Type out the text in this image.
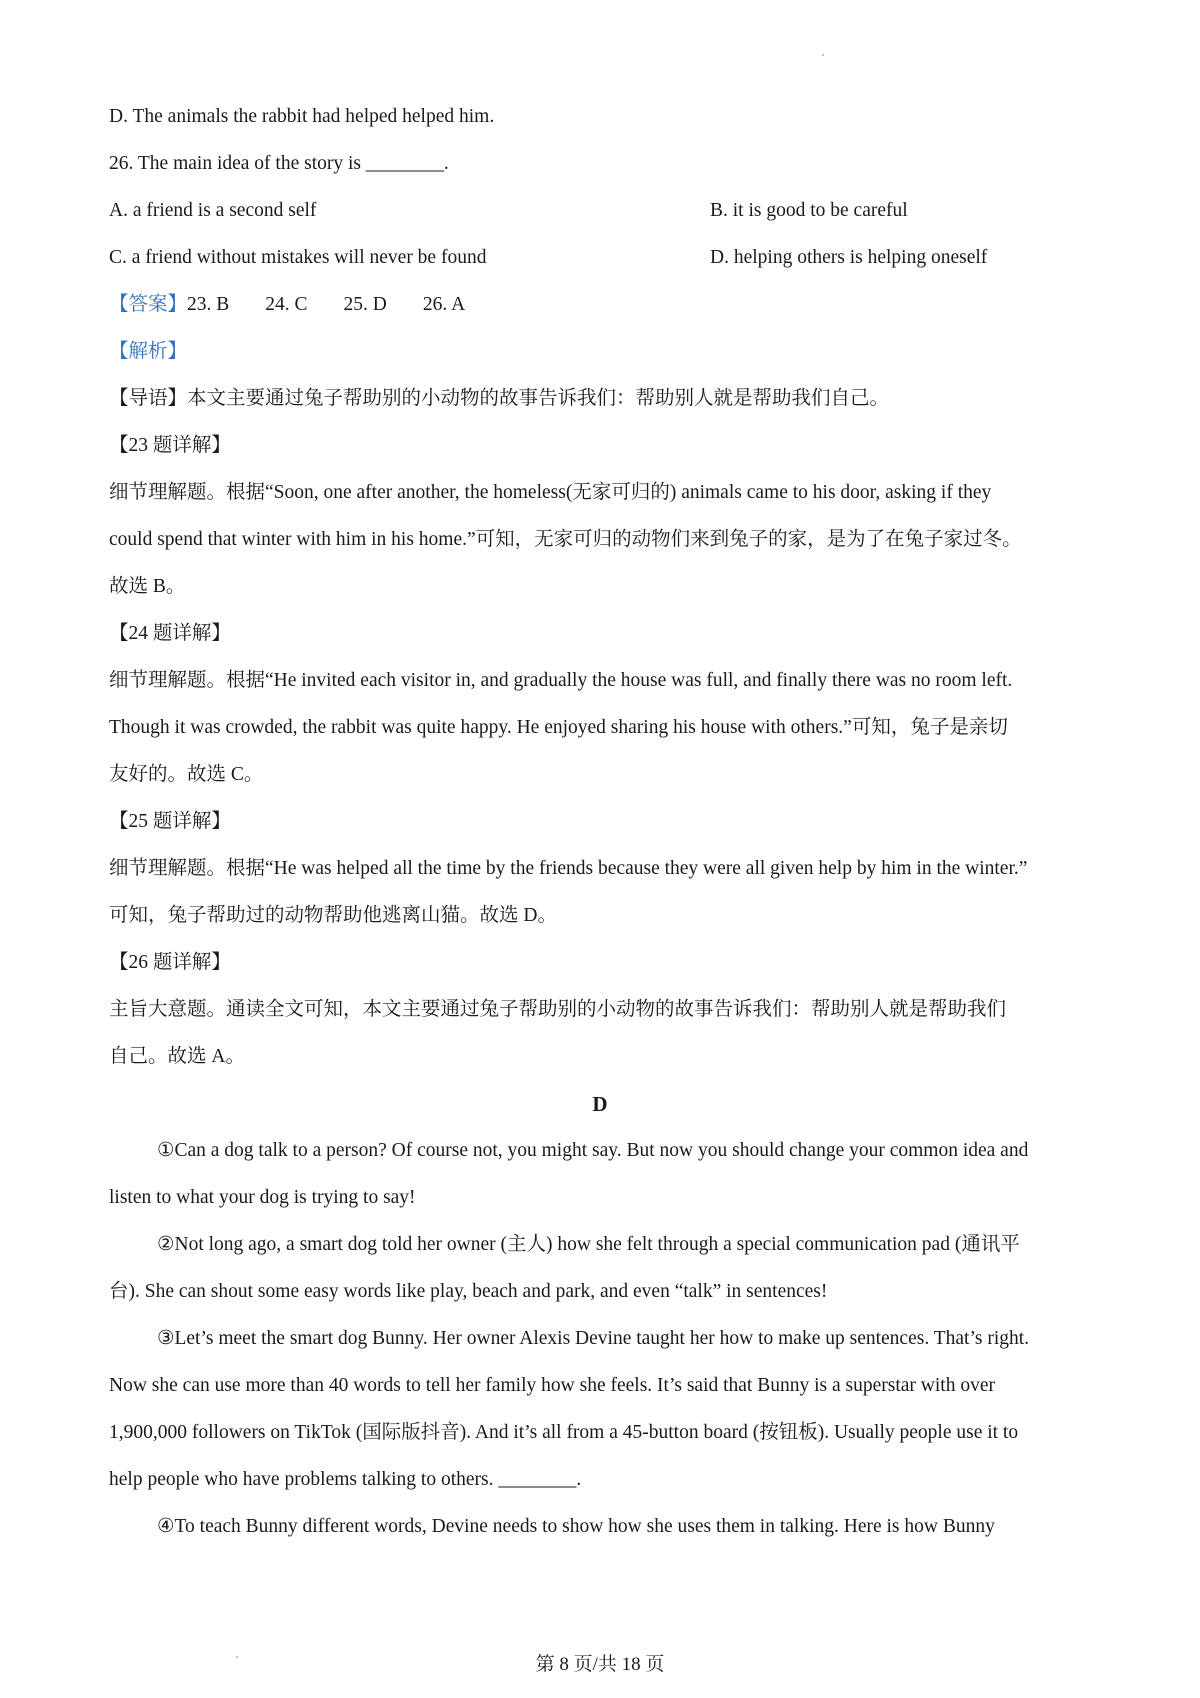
D. The animals the rabbit had helped helped him.
26. The main idea of the story is ________.
A. a friend is a second self	B. it is good to be careful
C. a friend without mistakes will never be found	D. helping others is helping oneself
【答案】23. B 24. C 25. D 26. A
【解析】
【导语】本文主要通过兔子帮助别的小动物的故事告诉我们：帮助别人就是帮助我们自己。
【23 题详解】
细节理解题。根据“Soon, one after another, the homeless(无家可归的) animals came to his door, asking if they
could spend that winter with him in his home.”可知，无家可归的动物们来到兔子的家，是为了在兔子家过冬。
故选 B。
【24 题详解】
细节理解题。根据“He invited each visitor in, and gradually the house was full, and finally there was no room left.
Though it was crowded, the rabbit was quite happy. He enjoyed sharing his house with others.”可知，兔子是亲切
友好的。故选 C。
【25 题详解】
细节理解题。根据“He was helped all the time by the friends because they were all given help by him in the winter.”
可知，兔子帮助过的动物帮助他逃离山猫。故选 D。
【26 题详解】
主旨大意题。通读全文可知，本文主要通过兔子帮助别的小动物的故事告诉我们：帮助别人就是帮助我们
自己。故选 A。
D
①Can a dog talk to a person? Of course not, you might say. But now you should change your common idea and
listen to what your dog is trying to say!
②Not long ago, a smart dog told her owner (主人) how she felt through a special communication pad (通讯平
台). She can shout some easy words like play, beach and park, and even “talk” in sentences!
③Let’s meet the smart dog Bunny. Her owner Alexis Devine taught her how to make up sentences. That’s right.
Now she can use more than 40 words to tell her family how she feels. It’s said that Bunny is a superstar with over
1,900,000 followers on TikTok (国际版抖音). And it’s all from a 45-button board (按钮板). Usually people use it to
help people who have problems talking to others. ________.
④To teach Bunny different words, Devine needs to show how she uses them in talking. Here is how Bunny
第 8 页/共 18 页
